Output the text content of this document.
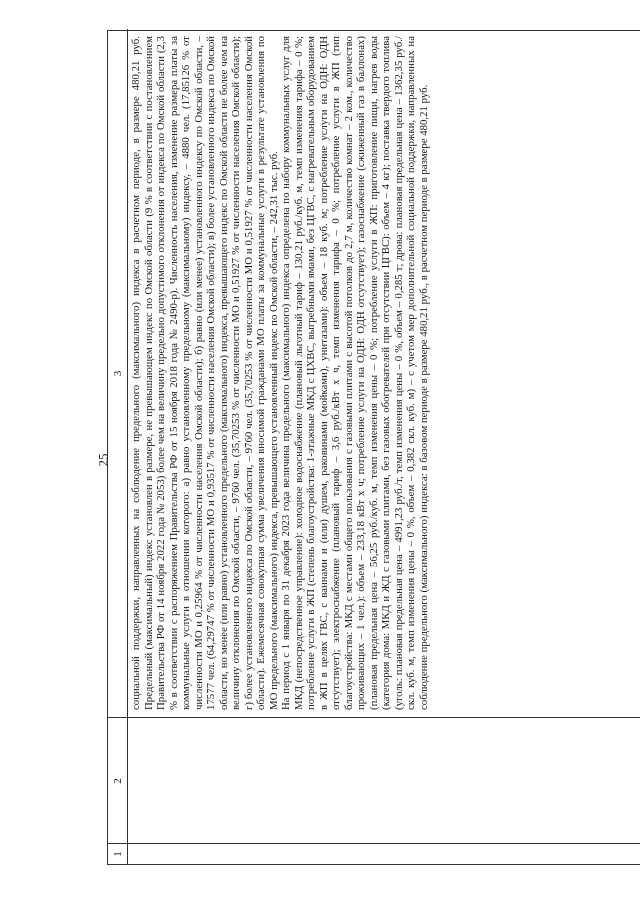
25
1
2
3 социальной поддержки, направленных на соблюдение предельного (максимального) индекса в расчетном периоде, в размере 480,21 руб. Предельный (максимальный) индекс установлен в размере, не превышающем индекс по Омской области (9 % в соответствии с постановлением Правительства РФ от 14 ноября 2022 года № 2053) более чем на величину предельно допустимого отклонения от индекса по Омской области (2,3 % в соответствии с распоряжением Правительства РФ от 15 ноября 2018 года № 2490-р). Численность населения, изменение размера платы за коммунальные услуги в отношении которого: а) равно установленному предельному (максимальному) индексу, – 4880 чел. (17,85126 % от численности МО и 0,25964 % от численности населения Омской области); б) равно (или менее) установленного индексу по Омской области, – 17577 чел. (64,29747 % от численности МО и 0,93517 % от численности населения Омской области); в) более установленного индекса по Омской области, но менее (или равно) установленного предельного (максимального) индекса, превышающего индекс по Омской области не более чем на величину отклонения по Омской области, – 9760 чел. (35,70253 % от численности МО и 0,51927 % от численности населения Омской области); г) более установленного индекса по Омской области, – 9760 чел. (35,70253 % от численности МО и 0,51927 % от численности населения Омской области). Ежемесячная совокупная сумма увеличения вносимой гражданами МО платы за коммунальные услуги в результате установления по МО предельного (максимального) индекса, превышающего установленный индекс по Омской области, – 242,31 тыс. руб. На период с 1 января по 31 декабря 2023 года величина предельного (максимального) индекса определена по набору коммунальных услуг для МКД (непосредственное управление): холодное водоснабжение (плановый льготный тариф – 130,21 руб./куб. м, темп изменения тарифа – 0 %; потребление услуги в ЖП (степень благоустройства: 1-этажные МКД с ЦХВС, выгребными ямами, без ЦГВС, с нагревательным оборудованием в ЖП в целях ГВС, с ваннами и (или) душем, раковинами (мойками), унитазами): объем – 18 куб. м; потребление услуги на ОДН: ОДН отсутствует); электроснабжение (плановый тариф – 3,6 руб./кВт x ч, темп изменения тарифа – 0 %; потребление услуги в ЖП (тип благоустройства: МКД с местами общего пользования с газовыми плитами с высотой потолков до 2,7 м, количество комнат – 2 ком., количество проживающих – 1 чел.): объем – 233,18 кВт x ч; потребление услуги на ОДН: ОДН отсутствует); газоснабжение (сжиженный газ в баллонах) (плановая предельная цена – 56,25 руб./куб. м, темп изменения цены – 0 %; потребление услуги в ЖП: приготовление пищи, нагрев воды (категория дома: МКД и ЖД с газовыми плитами, без газовых обогревателей при отсутствии ЦГВС): объем – 4 кг); поставка твердого топлива (уголь: плановая предельная цена – 4991,23 руб./т, темп изменения цены – 0 %, объем – 0,285 т; дрова: плановая предельная цена – 1362,35 руб./скл. куб. м, темп изменения цены – 0 %, объем – 0,382 скл. куб. м) – с учетом мер дополнительной социальной поддержки, направленных на соблюдение предельного (максимального) индекса: в базовом периоде в размере 480,21 руб., в расчетном периоде в размере 480,21 руб.
